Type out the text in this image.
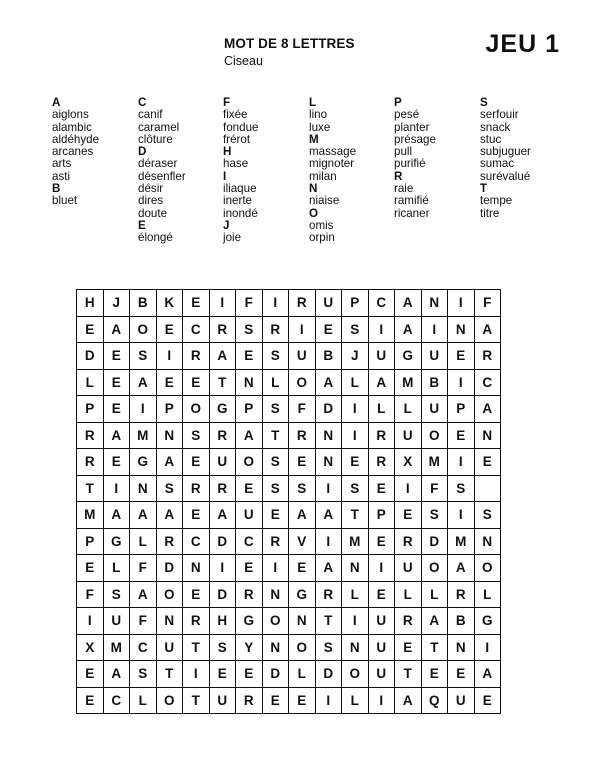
MOT DE 8 LETTRES
Ciseau
JEU 1
A
aiglons
alambic
aldéhyde
arcanes
arts
asti
B
bluet
C
canif
caramel
clôture
D
déraser
désenfler
désir
dires
doute
E
élongé
F
fixée
fondue
frérot
H
hase
I
iliaque
inerte
inondé
J
joie
L
lino
luxe
M
massage
mignoter
milan
N
niaise
O
omis
orpin
P
pesé
planter
présage
pull
purifié
R
raie
ramifié
ricaner
S
serfouir
snack
stuc
subjuguer
sumac
surévalué
T
tempe
titre
H	J	B	K	E	I	F	I	R	U	P	C	A	N	I	F
E	A	O	E	C	R	S	R	I	E	S	I	A	I	N	A
D	E	S	I	R	A	E	S	U	B	J	U	G	U	E	R
L	E	A	E	E	T	N	L	O	A	L	A	M	B	I	C
P	E	I	P	O	G	P	S	F	D	I	L	L	U	P	A
R	A	M	N	S	R	A	T	R	N	I	R	U	O	E	N
R	E	G	A	E	U	O	S	E	N	E	R	X	M	I	E
T	I	N	S	R	R	E	S	S	I	S	E	I	F	S	
M	A	A	A	E	A	U	E	A	A	T	P	E	S	I	S
P	G	L	R	C	D	C	R	V	I	M	E	R	D	M	N
E	L	F	D	N	I	E	I	E	A	N	I	U	O	A	O
F	S	A	O	E	D	R	N	G	R	L	E	L	L	R	L
I	U	F	N	R	H	G	O	N	T	I	U	R	A	B	G
X	M	C	U	T	S	Y	N	O	S	N	U	E	T	N	I
E	A	S	T	I	E	E	D	L	D	O	U	T	E	E	A
E	C	L	O	T	U	R	E	E	I	L	I	A	Q	U	E
